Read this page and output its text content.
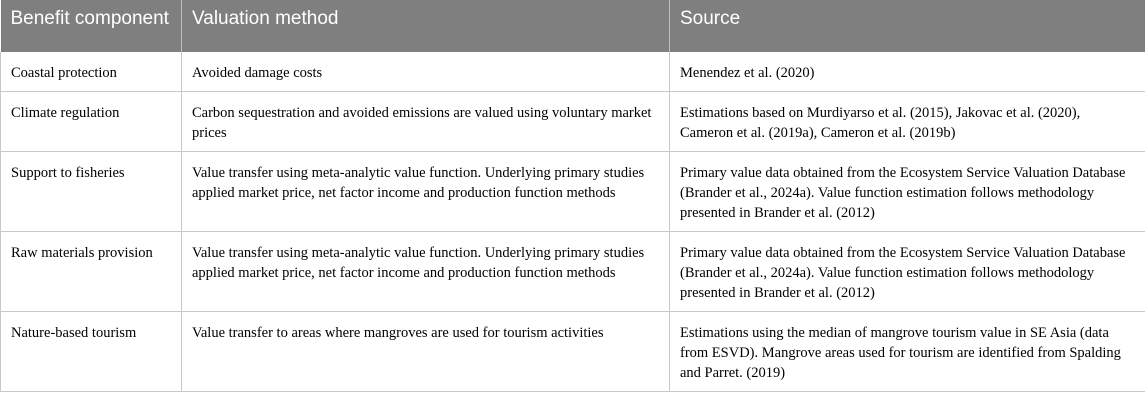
Benefit component	Valuation method	Source
Coastal protection	Avoided damage costs	Menendez et al. (2020)
Climate regulation	Carbon sequestration and avoided emissions are valued using voluntary market prices	Estimations based on Murdiyarso et al. (2015), Jakovac et al. (2020), Cameron et al. (2019a), Cameron et al. (2019b)
Support to fisheries	Value transfer using meta-analytic value function. Underlying primary studies applied market price, net factor income and production function methods	Primary value data obtained from the Ecosystem Service Valuation Database (Brander et al., 2024a). Value function estimation follows methodology presented in Brander et al. (2012)
Raw materials provision	Value transfer using meta-analytic value function. Underlying primary studies applied market price, net factor income and production function methods	Primary value data obtained from the Ecosystem Service Valuation Database (Brander et al., 2024a). Value function estimation follows methodology presented in Brander et al. (2012)
Nature-based tourism	Value transfer to areas where mangroves are used for tourism activities	Estimations using the median of mangrove tourism value in SE Asia (data from ESVD). Mangrove areas used for tourism are identified from Spalding and Parret. (2019)
